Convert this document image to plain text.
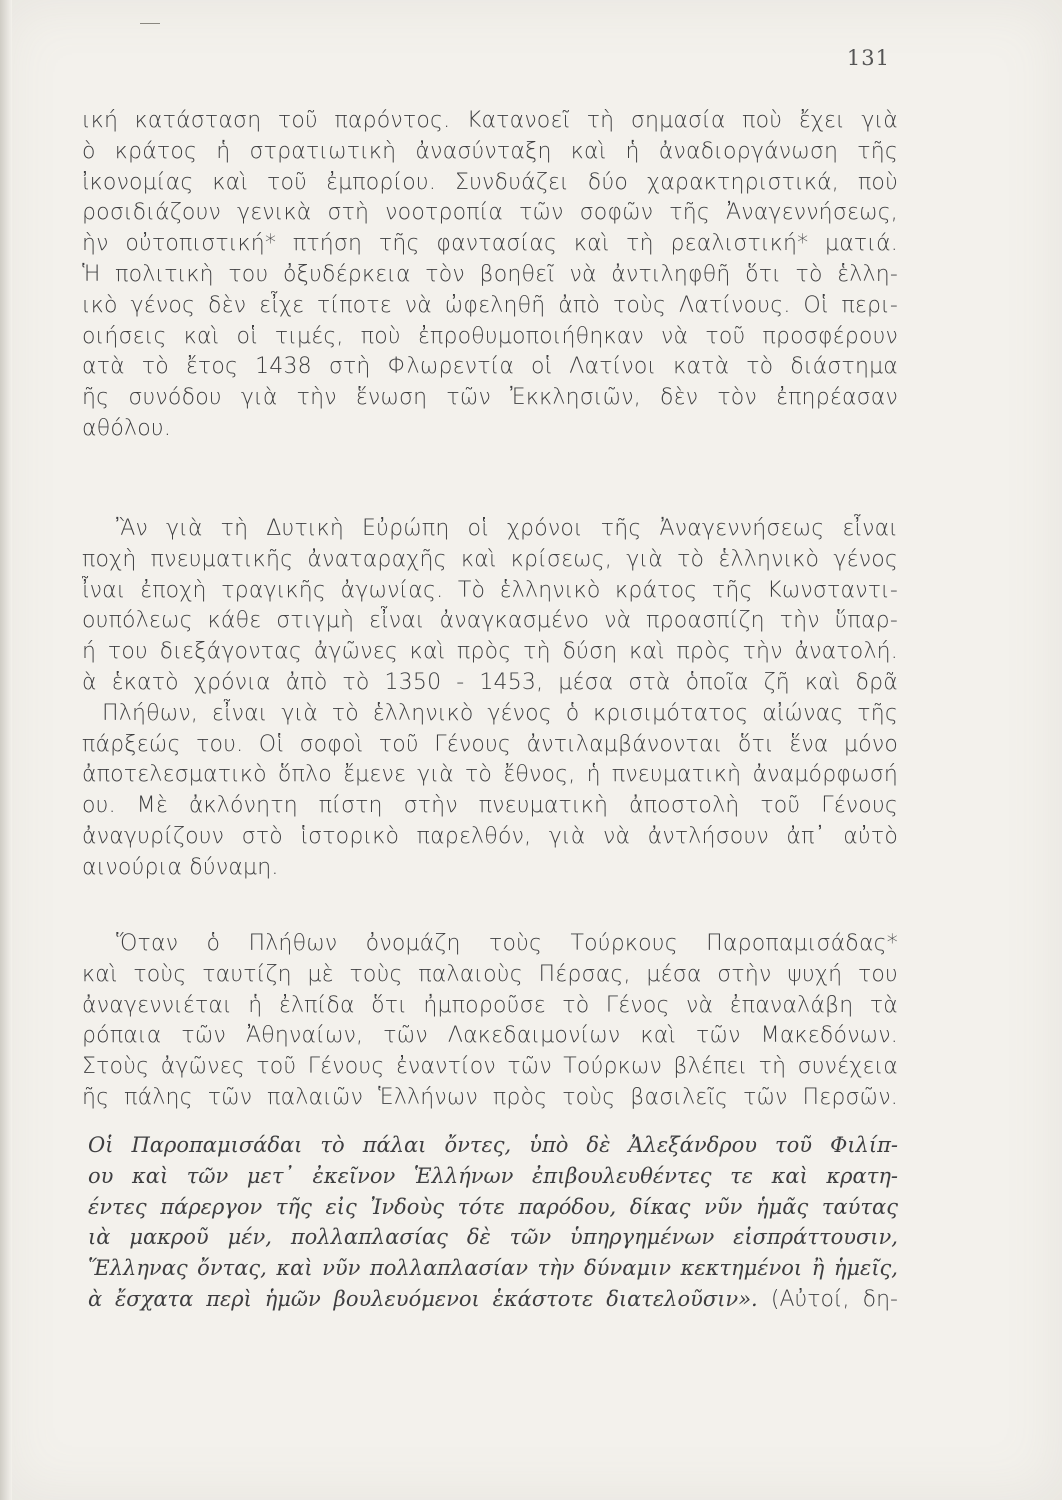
131
ική κατάσταση τοῦ παρόντος. Κατανοεῖ τὴ σημασία ποὺ ἔχει γιὰ
ὸ κράτος ἡ στρατιωτικὴ ἀνασύνταξη καὶ ἡ ἀναδιοργάνωση τῆς
ἰκονομίας καὶ τοῦ ἐμπορίου. Συνδυάζει δύο χαρακτηριστικά, ποὺ
ροσιδιάζουν γενικὰ στὴ νοοτροπία τῶν σοφῶν τῆς Ἀναγεννήσεως,
ὴν οὐτοπιστική* πτήση τῆς φαντασίας καὶ τὴ ρεαλιστική* ματιά.
Ἡ πολιτικὴ του ὀξυδέρκεια τὸν βοηθεῖ νὰ ἀντιληφθῆ ὅτι τὸ ἑλλη-
ικὸ γένος δὲν εἶχε τίποτε νὰ ὠφεληθῆ ἀπὸ τοὺς Λατίνους. Οἱ περι-
οιήσεις καὶ οἱ τιμές, ποὺ ἐπροθυμοποιήθηκαν νὰ τοῦ προσφέρουν
ατὰ τὸ ἔτος 1438 στὴ Φλωρεντία οἱ Λατίνοι κατὰ τὸ διάστημα
ῆς συνόδου γιὰ τὴν ἕνωση τῶν Ἐκκλησιῶν, δὲν τὸν ἐπηρέασαν
αθόλου.
Ἂν γιὰ τὴ Δυτικὴ Εὐρώπη οἱ χρόνοι τῆς Ἀναγεννήσεως εἶναι
ποχὴ πνευματικῆς ἀναταραχῆς καὶ κρίσεως, γιὰ τὸ ἑλληνικὸ γένος
ἶναι ἐποχὴ τραγικῆς ἀγωνίας. Τὸ ἑλληνικὸ κράτος τῆς Κωνσταντι-
ουπόλεως κάθε στιγμὴ εἶναι ἀναγκασμένο νὰ προασπίζη τὴν ὕπαρ-
ή του διεξάγοντας ἀγῶνες καὶ πρὸς τὴ δύση καὶ πρὸς τὴν ἀνατολή.
ὰ ἑκατὸ χρόνια ἀπὸ τὸ 1350 - 1453, μέσα στὰ ὁποῖα ζῆ καὶ δρᾶ
Πλήθων, εἶναι γιὰ τὸ ἑλληνικὸ γένος ὁ κρισιμότατος αἰώνας τῆς
πάρξεώς του. Οἱ σοφοὶ τοῦ Γένους ἀντιλαμβάνονται ὅτι ἕνα μόνο
ἀποτελεσματικὸ ὅπλο ἔμενε γιὰ τὸ ἔθνος, ἡ πνευματικὴ ἀναμόρφωσή
ου. Μὲ ἀκλόνητη πίστη στὴν πνευματικὴ ἀποστολὴ τοῦ Γένους
ἀναγυρίζουν στὸ ἱστορικὸ παρελθόν, γιὰ νὰ ἀντλήσουν ἀπ᾿ αὐτὸ
αινούρια δύναμη.
Ὅταν ὁ Πλήθων ὀνομάζη τοὺς Τούρκους Παροπαμισάδας*
καὶ τοὺς ταυτίζη μὲ τοὺς παλαιοὺς Πέρσας, μέσα στὴν ψυχή του
ἀναγεννιέται ἡ ἐλπίδα ὅτι ἠμποροῦσε τὸ Γένος νὰ ἐπαναλάβη τὰ
ρόπαια τῶν Ἀθηναίων, τῶν Λακεδαιμονίων καὶ τῶν Μακεδόνων.
Στοὺς ἀγῶνες τοῦ Γένους ἐναντίον τῶν Τούρκων βλέπει τὴ συνέχεια
ῆς πάλης τῶν παλαιῶν Ἑλλήνων πρὸς τοὺς βασιλεῖς τῶν Περσῶν.
Οἱ Παροπαμισάδαι τὸ πάλαι ὄντες, ὑπὸ δὲ Ἀλεξάνδρου τοῦ Φιλίπ-
ου καὶ τῶν μετ᾿ ἐκεῖνον Ἑλλήνων ἐπιβουλευθέντες τε καὶ κρατη-
έντες πάρεργον τῆς εἰς Ἰνδοὺς τότε παρόδου, δίκας νῦν ἡμᾶς ταύτας
ιὰ μακροῦ μέν, πολλαπλασίας δὲ τῶν ὑπηργημένων εἰσπράττουσιν,
Ἕλληνας ὄντας, καὶ νῦν πολλαπλασίαν τὴν δύναμιν κεκτημένοι ἢ ἡμεῖς,
ὰ ἔσχατα περὶ ἡμῶν βουλευόμενοι ἑκάστοτε διατελοῦσιν». (Αὐτοί, δη-
